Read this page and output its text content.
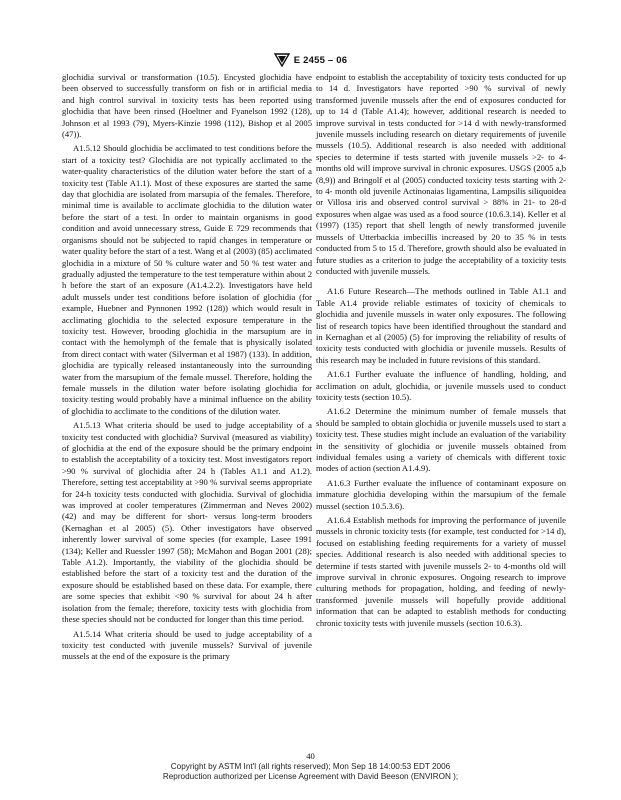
E 2455 – 06

glochidia survival or transformation (10.5). Encysted glochidia have been observed to successfully transform on fish or in artificial media and high control survival in toxicity tests has been reported using glochidia that have been rinsed (Hoeltner and Fyanelson 1992 (128), Johnson et al 1993 (79), Myers-Kinzie 1998 (112), Bishop et al 2005 (47)).

A1.5.12 Should glochidia be acclimated to test conditions before the start of a toxicity test? Glochidia are not typically acclimated to the water-quality characteristics of the dilution water before the start of a toxicity test (Table A1.1). Most of these exposures are started the same day that glochidia are isolated from marsupia of the females. Therefore, minimal time is available to acclimate glochidia to the dilution water before the start of a test. In order to maintain organisms in good condition and avoid unnecessary stress, Guide E 729 recommends that organisms should not be subjected to rapid changes in temperature or water quality before the start of a test. Wang et al (2003) (85) acclimated glochidia in a mixture of 50 % culture water and 50 % test water and gradually adjusted the temperature to the test temperature within about 2 h before the start of an exposure (A1.4.2.2). Investigators have held adult mussels under test conditions before isolation of glochidia (for example, Huebner and Pynnonen 1992 (128)) which would result in acclimating glochidia to the selected exposure temperature in the toxicity test. However, brooding glochidia in the marsupium are in contact with the hemolymph of the female that is physically isolated from direct contact with water (Silverman et al 1987) (133). In addition, glochidia are typically released instantaneously into the surrounding water from the marsupium of the female mussel. Therefore, holding the female mussels in the dilution water before isolating glochidia for toxicity testing would probably have a minimal influence on the ability of glochidia to acclimate to the conditions of the dilution water.

A1.5.13 What criteria should be used to judge acceptability of a toxicity test conducted with glochidia? Survival (measured as viability) of glochidia at the end of the exposure should be the primary endpoint to establish the acceptability of a toxicity test. Most investigators report >90 % survival of glochidia after 24 h (Tables A1.1 and A1.2). Therefore, setting test acceptability at >90 % survival seems appropriate for 24-h toxicity tests conducted with glochidia. Survival of glochidia was improved at cooler temperatures (Zimmerman and Neves 2002) (42) and may be different for short- versus long-term brooders (Kernaghan et al 2005) (5). Other investigators have observed inherently lower survival of some species (for example, Lasee 1991 (134); Keller and Ruessler 1997 (58); McMahon and Bogan 2001 (28); Table A1.2). Importantly, the viability of the glochidia should be established before the start of a toxicity test and the duration of the exposure should be established based on these data. For example, there are some species that exhibit <90 % survival for about 24 h after isolation from the female; therefore, toxicity tests with glochidia from these species should not be conducted for longer than this time period.

A1.5.14 What criteria should be used to judge acceptability of a toxicity test conducted with juvenile mussels? Survival of juvenile mussels at the end of the exposure is the primary

endpoint to establish the acceptability of toxicity tests conducted for up to 14 d. Investigators have reported >90 % survival of newly transformed juvenile mussels after the end of exposures conducted for up to 14 d (Table A1.4); however, additional research is needed to improve survival in tests conducted for >14 d with newly-transformed juvenile mussels including research on dietary requirements of juvenile mussels (10.5). Additional research is also needed with additional species to determine if tests started with juvenile mussels >2- to 4-months old will improve survival in chronic exposures. USGS (2005 a,b (8,9)) and Bringolf et al (2005) conducted toxicity tests starting with 2- to 4- month old juvenile Actinonaias ligamentina, Lampsilis siliquoidea or Villosa iris and observed control survival > 88% in 21- to 28-d exposures when algae was used as a food source (10.6.3.14). Keller et al (1997) (135) report that shell length of newly transformed juvenile mussels of Utterbackia imbecillis increased by 20 to 35 % in tests conducted from 5 to 15 d. Therefore, growth should also be evaluated in future studies as a criterion to judge the acceptability of a toxicity tests conducted with juvenile mussels.

A1.6 Future Research—The methods outlined in Table A1.1 and Table A1.4 provide reliable estimates of toxicity of chemicals to glochidia and juvenile mussels in water only exposures. The following list of research topics have been identified throughout the standard and in Kernaghan et al (2005) (5) for improving the reliability of results of toxicity tests conducted with glochidia or juvenile mussels. Results of this research may be included in future revisions of this standard.

A1.6.1 Further evaluate the influence of handling, holding, and acclimation on adult, glochidia, or juvenile mussels used to conduct toxicity tests (section 10.5).

A1.6.2 Determine the minimum number of female mussels that should be sampled to obtain glochidia or juvenile mussels used to start a toxicity test. These studies might include an evaluation of the variability in the sensitivity of glochidia or juvenile mussels obtained from individual females using a variety of chemicals with different toxic modes of action (section A1.4.9).

A1.6.3 Further evaluate the influence of contaminant exposure on immature glochidia developing within the marsupium of the female mussel (section 10.5.3.6).

A1.6.4 Establish methods for improving the performance of juvenile mussels in chronic toxicity tests (for example, test conducted for >14 d), focused on establishing feeding requirements for a variety of mussel species. Additional research is also needed with additional species to determine if tests started with juvenile mussels 2- to 4-months old will improve survival in chronic exposures. Ongoing research to improve culturing methods for propagation, holding, and feeding of newly-transformed juvenile mussels will hopefully provide additional information that can be adapted to establish methods for conducting chronic toxicity tests with juvenile mussels (section 10.6.3).

40
Copyright by ASTM Int'l (all rights reserved); Mon Sep 18 14:00:53 EDT 2006
Reproduction authorized per License Agreement with David Beeson (ENVIRON );
